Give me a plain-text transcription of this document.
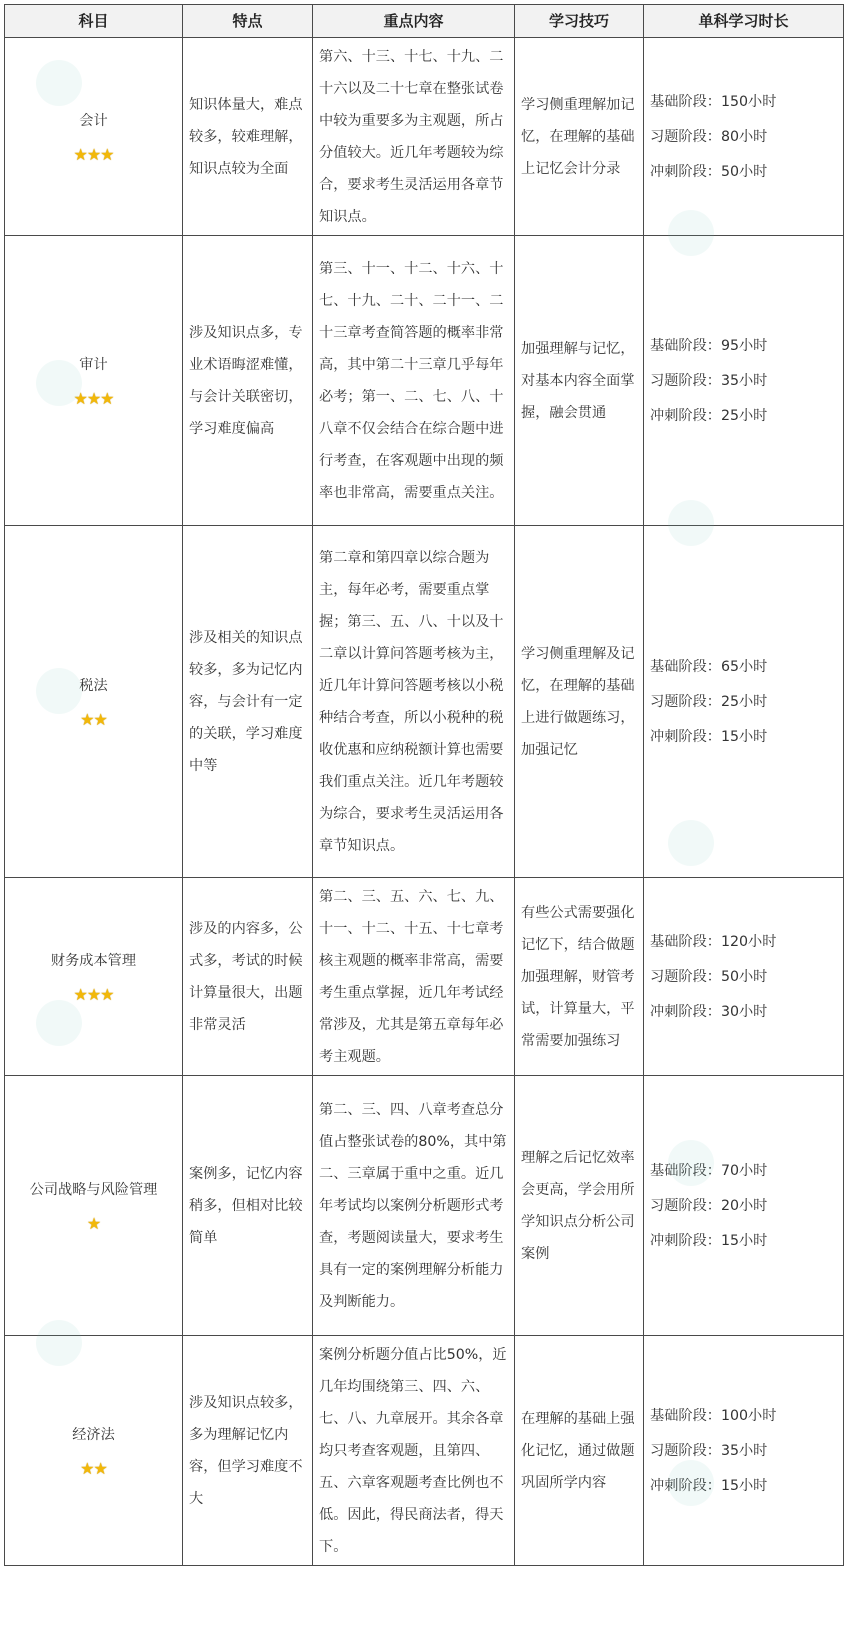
科目	特点	重点内容	学习技巧	单科学习时长

会计
★★★	知识体量大，难点较多，较难理解，知识点较为全面	第六、十三、十七、十九、二十六以及二十七章在整张试卷中较为重要多为主观题，所占分值较大。近几年考题较为综合，要求考生灵活运用各章节知识点。	学习侧重理解加记忆，在理解的基础上记忆会计分录	基础阶段：150小时
习题阶段：80小时
冲刺阶段：50小时

审计
★★★	涉及知识点多，专业术语晦涩难懂，与会计关联密切，学习难度偏高	第三、十一、十二、十六、十七、十九、二十、二十一、二十三章考查简答题的概率非常高，其中第二十三章几乎每年必考；第一、二、七、八、十八章不仅会结合在综合题中进行考查，在客观题中出现的频率也非常高，需要重点关注。	加强理解与记忆，对基本内容全面掌握，融会贯通	基础阶段：95小时
习题阶段：35小时
冲刺阶段：25小时

税法
★★	涉及相关的知识点较多，多为记忆内容，与会计有一定的关联，学习难度中等	第二章和第四章以综合题为主，每年必考，需要重点掌握；第三、五、八、十以及十二章以计算问答题考核为主，近几年计算问答题考核以小税种结合考查，所以小税种的税收优惠和应纳税额计算也需要我们重点关注。近几年考题较为综合，要求考生灵活运用各章节知识点。	学习侧重理解及记忆，在理解的基础上进行做题练习，加强记忆	基础阶段：65小时
习题阶段：25小时
冲刺阶段：15小时

财务成本管理
★★★	涉及的内容多，公式多，考试的时候计算量很大，出题非常灵活	第二、三、五、六、七、九、十一、十二、十五、十七章考核主观题的概率非常高，需要考生重点掌握，近几年考试经常涉及，尤其是第五章每年必考主观题。	有些公式需要强化记忆下，结合做题加强理解，财管考试，计算量大，平常需要加强练习	基础阶段：120小时
习题阶段：50小时
冲刺阶段：30小时

公司战略与风险管理
★	案例多，记忆内容稍多，但相对比较简单	第二、三、四、八章考查总分值占整张试卷的80%，其中第二、三章属于重中之重。近几年考试均以案例分析题形式考查，考题阅读量大，要求考生具有一定的案例理解分析能力及判断能力。	理解之后记忆效率会更高，学会用所学知识点分析公司案例	基础阶段：70小时
习题阶段：20小时
冲刺阶段：15小时

经济法
★★	涉及知识点较多，多为理解记忆内容，但学习难度不大	案例分析题分值占比50%，近几年均围绕第三、四、六、七、八、九章展开。其余各章均只考查客观题，且第四、五、六章客观题考查比例也不低。因此，得民商法者，得天下。	在理解的基础上强化记忆，通过做题巩固所学内容	基础阶段：100小时
习题阶段：35小时
冲刺阶段：15小时
